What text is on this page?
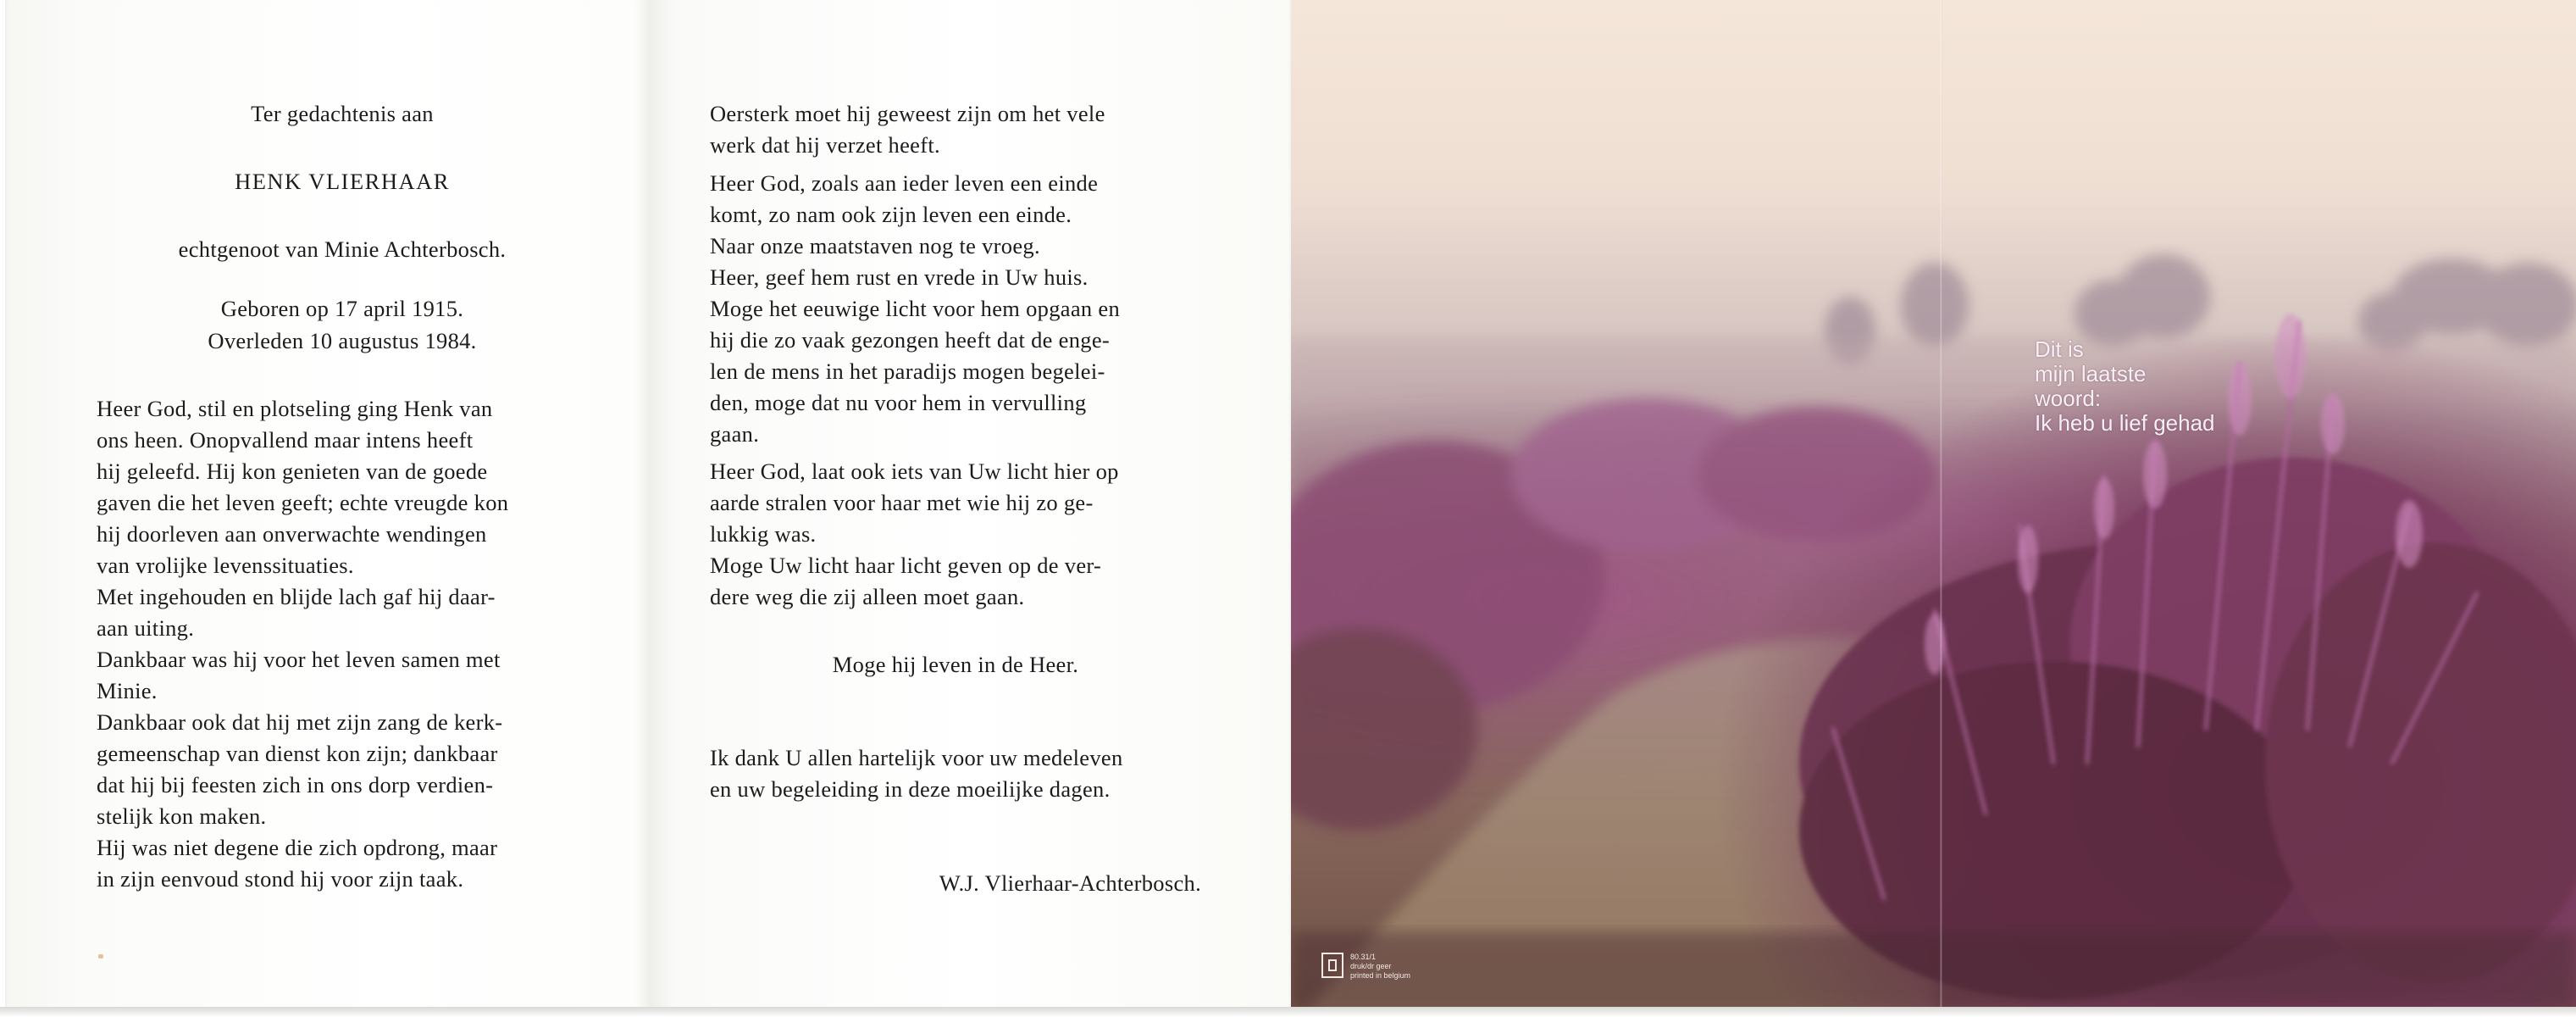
Ter gedachtenis aan
HENK VLIERHAAR
echtgenoot van Minie Achterbosch.
Geboren op 17 april 1915.
Overleden 10 augustus 1984.
Heer God, stil en plotseling ging Henk van
ons heen. Onopvallend maar intens heeft
hij geleefd. Hij kon genieten van de goede
gaven die het leven geeft; echte vreugde kon
hij doorleven aan onverwachte wendingen
van vrolijke levenssituaties.
Met ingehouden en blijde lach gaf hij daar-
aan uiting.
Dankbaar was hij voor het leven samen met
Minie.
Dankbaar ook dat hij met zijn zang de kerk-
gemeenschap van dienst kon zijn; dankbaar
dat hij bij feesten zich in ons dorp verdien-
stelijk kon maken.
Hij was niet degene die zich opdrong, maar
in zijn eenvoud stond hij voor zijn taak.
Oersterk moet hij geweest zijn om het vele
werk dat hij verzet heeft.
Heer God, zoals aan ieder leven een einde
komt, zo nam ook zijn leven een einde.
Naar onze maatstaven nog te vroeg.
Heer, geef hem rust en vrede in Uw huis.
Moge het eeuwige licht voor hem opgaan en
hij die zo vaak gezongen heeft dat de enge-
len de mens in het paradijs mogen begelei-
den, moge dat nu voor hem in vervulling
gaan.
Heer God, laat ook iets van Uw licht hier op
aarde stralen voor haar met wie hij zo ge-
lukkig was.
Moge Uw licht haar licht geven op de ver-
dere weg die zij alleen moet gaan.
Moge hij leven in de Heer.
Ik dank U allen hartelijk voor uw medeleven
en uw begeleiding in deze moeilijke dagen.
W.J. Vlierhaar-Achterbosch.
Dit is
mijn laatste
woord:
Ik heb u lief gehad
80.31/1
druk/dr geer
printed in belgium
